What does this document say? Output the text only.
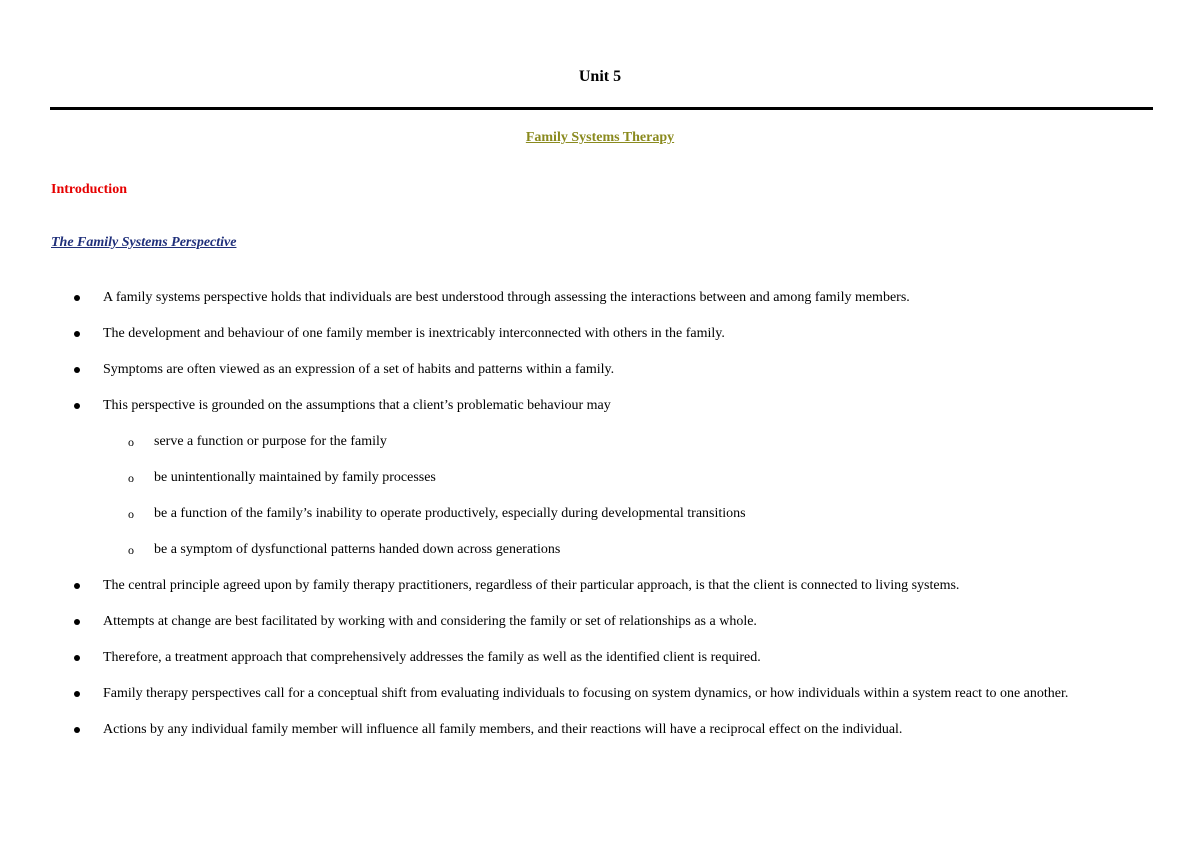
Unit 5
Family Systems Therapy
Introduction
The Family Systems Perspective
A family systems perspective holds that individuals are best understood through assessing the interactions between and among family members.
The development and behaviour of one family member is inextricably interconnected with others in the family.
Symptoms are often viewed as an expression of a set of habits and patterns within a family.
This perspective is grounded on the assumptions that a client’s problematic behaviour may
o serve a function or purpose for the family
o be unintentionally maintained by family processes
o be a function of the family’s inability to operate productively, especially during developmental transitions
o be a symptom of dysfunctional patterns handed down across generations
The central principle agreed upon by family therapy practitioners, regardless of their particular approach, is that the client is connected to living systems.
Attempts at change are best facilitated by working with and considering the family or set of relationships as a whole.
Therefore, a treatment approach that comprehensively addresses the family as well as the identified client is required.
Family therapy perspectives call for a conceptual shift from evaluating individuals to focusing on system dynamics, or how individuals within a system react to one another.
Actions by any individual family member will influence all family members, and their reactions will have a reciprocal effect on the individual.
